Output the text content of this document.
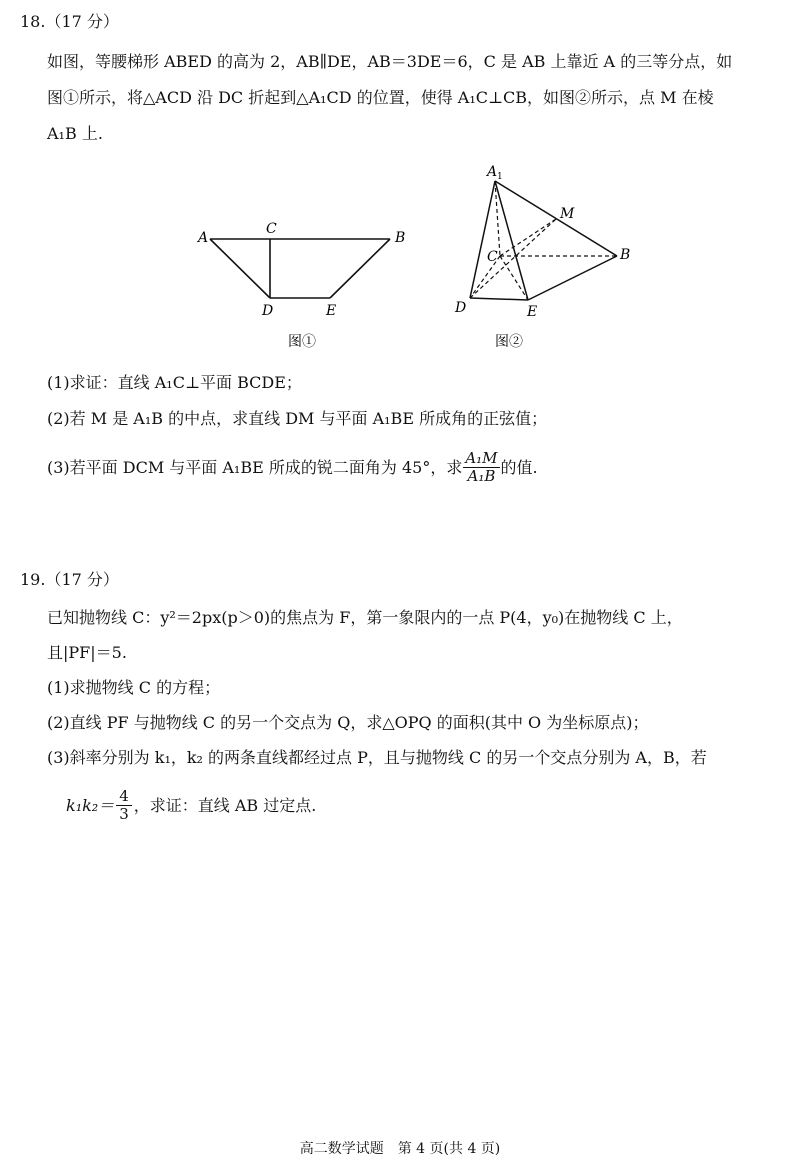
18.（17 分）
如图，等腰梯形 ABED 的高为 2，AB∥DE，AB＝3DE＝6，C 是 AB 上靠近 A 的三等分点，如
图①所示，将△ACD 沿 DC 折起到△A₁CD 的位置，使得 A₁C⊥CB，如图②所示，点 M 在棱
A₁B 上.
A
C
B
D	E
图①
A 1
M
C	B
D	E
图②
(1)求证：直线 A₁C⊥平面 BCDE；
(2)若 M 是 A₁B 的中点，求直线 DM 与平面 A₁BE 所成角的正弦值；
(3)若平面 DCM 与平面 A₁BE 所成的锐二面角为 45°，求 $\frac{\text{A₁M}}{\text{A₁B}}$ 的值.
19.（17 分）
已知抛物线 C：y²＝2px(p＞0)的焦点为 F，第一象限内的一点 P(4，y₀)在抛物线 C 上，
且|PF|＝5.
(1)求抛物线 C 的方程；
(2)直线 PF 与抛物线 C 的另一个交点为 Q，求△OPQ 的面积(其中 O 为坐标原点)；
(3)斜率分别为 k₁，k₂ 的两条直线都经过点 P，且与抛物线 C 的另一个交点分别为 A，B，若
$k_1k_2= \frac{4}{3}$ ，求证：直线 AB 过定点.
高二数学试题　第 4 页(共 4 页)
